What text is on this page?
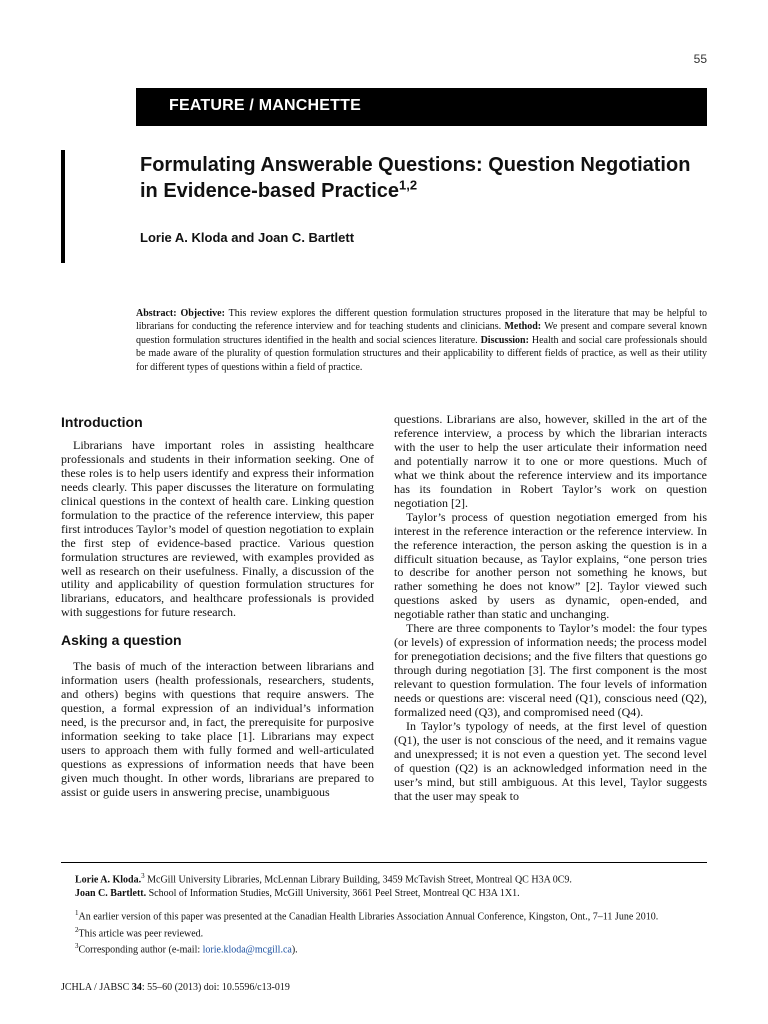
55
FEATURE / MANCHETTE
Formulating Answerable Questions: Question Negotiation in Evidence-based Practice$^{1,2}$
Lorie A. Kloda and Joan C. Bartlett

Abstract: Objective: This review explores the different question formulation structures proposed in the literature that may be helpful to librarians for conducting the reference interview and for teaching students and clinicians. Method: We present and compare several known question formulation structures identified in the health and social sciences literature. Discussion: Health and social care professionals should be made aware of the plurality of question formulation structures and their applicability to different fields of practice, as well as their utility for different types of questions within a field of practice.

Introduction

Librarians have important roles in assisting healthcare professionals and students in their information seeking. One of these roles is to help users identify and express their information needs clearly. This paper discusses the literature on formulating clinical questions in the context of health care. Linking question formulation to the practice of the reference interview, this paper first introduces Taylor’s model of question negotiation to explain the first step of evidence-based practice. Various question formulation structures are reviewed, with examples provided as well as research on their usefulness. Finally, a discussion of the utility and applicability of question formulation structures for librarians, educators, and healthcare professionals is provided with suggestions for future research.

Asking a question

The basis of much of the interaction between librarians and information users (health professionals, researchers, students, and others) begins with questions that require answers. The question, a formal expression of an individual’s information need, is the precursor and, in fact, the prerequisite for purposive information seeking to take place [1]. Librarians may expect users to approach them with fully formed and well-articulated questions as expressions of information needs that have been given much thought. In other words, librarians are prepared to assist or guide users in answering precise, unambiguous

questions. Librarians are also, however, skilled in the art of the reference interview, a process by which the librarian interacts with the user to help the user articulate their information need and potentially narrow it to one or more questions. Much of what we think about the reference interview and its importance has its foundation in Robert Taylor’s work on question negotiation [2].

Taylor’s process of question negotiation emerged from his interest in the reference interaction or the reference interview. In the reference interaction, the person asking the question is in a difficult situation because, as Taylor explains, “one person tries to describe for another person not something he knows, but rather something he does not know” [2]. Taylor viewed such questions asked by users as dynamic, open-ended, and negotiable rather than static and unchanging.

There are three components to Taylor’s model: the four types (or levels) of expression of information needs; the process model for prenegotiation decisions; and the five filters that questions go through during negotiation [3]. The first component is the most relevant to question formulation. The four levels of information needs or questions are: visceral need (Q1), conscious need (Q2), formalized need (Q3), and compromised need (Q4).

In Taylor’s typology of needs, at the first level of question (Q1), the user is not conscious of the need, and it remains vague and unexpressed; it is not even a question yet. The second level of question (Q2) is an acknowledged information need in the user’s mind, but still ambiguous. At this level, Taylor suggests that the user may speak to

Lorie A. Kloda.$^3$ McGill University Libraries, McLennan Library Building, 3459 McTavish Street, Montreal QC H3A 0C9.
Joan C. Bartlett. School of Information Studies, McGill University, 3661 Peel Street, Montreal QC H3A 1X1.

$^1$An earlier version of this paper was presented at the Canadian Health Libraries Association Annual Conference, Kingston, Ont., 7–11 June 2010.

$^2$This article was peer reviewed.

$^3$Corresponding author (e-mail: lorie.kloda@mcgill.ca).

JCHLA / JABSC 34: 55–60 (2013) doi: 10.5596/c13-019
